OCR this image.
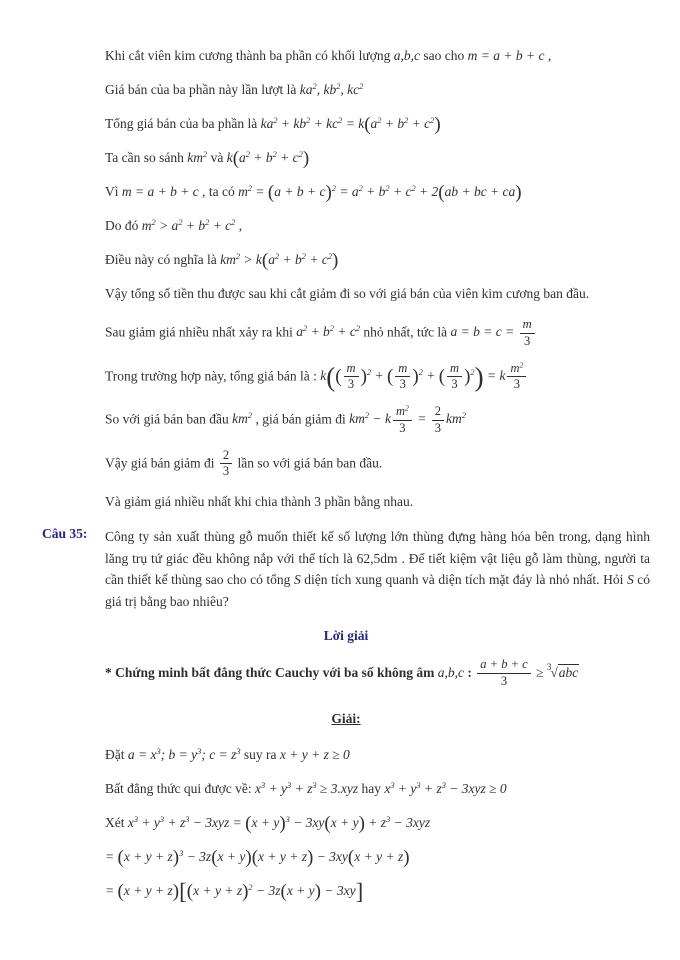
Khi cắt viên kim cương thành ba phần có khối lượng a,b,c sao cho m = a + b + c ,

Giá bán của ba phần này lần lượt là $ka^2$, $kb^2$, $kc^2$

Tổng giá bán của ba phần là $ka^2 + kb^2 + kc^2 = k(a^2 + b^2 + c^2)$

Ta cần so sánh $km^2$ và $k(a^2 + b^2 + c^2)$

Vì m = a + b + c , ta có $m^2 = (a + b + c)^2 = a^2 + b^2 + c^2 + 2(ab$ + bc + ca)

Do đó $m^2 > a^2 + b^2 + c^2$ ,

Điều này có nghĩa là $km^2 > k(a^2 + b^2 + c^2)$

Vậy tổng số tiền thu được sau khi cắt giảm đi so với giá bán của viên kim cương ban đầu.

Sau giảm giá nhiều nhất xảy ra khi $a^2 + b^2 + c^2$ nhỏ nhất, tức là $a = b = c = \frac{m}{3}$

Trong trường hợp này, tổng giá bán là : $k(( \frac{m}{3} )^2$ + ( $\frac{m}{3} )^2$ + ( $\frac{m}{3} )^2) = k \frac{m^2}{3}$

So với giá bán ban đầu $km^2$ , giá bán giảm đi $km^2 - k \frac{m^2}{3} = \frac{2}{3} km^2$

Vậy giá bán giảm đi $\frac{2}{3}$ lần so với giá bán ban đầu.

Và giảm giá nhiều nhất khi chia thành 3 phần bằng nhau.

Câu 35:	Công ty sản xuất thùng gỗ muốn thiết kế số lượng lớn thùng đựng hàng hóa bên trong, dạng hình lăng trụ tứ giác đều không nắp với thể tích là 62,5dm . Để tiết kiệm vật liệu gỗ làm thùng, người ta cần thiết kế thùng sao cho có tổng S diện tích xung quanh và diện tích mặt đáy là nhỏ nhất. Hỏi S có giá trị bằng bao nhiêu?

Lời giải

* Chứng minh bất đẳng thức Cauchy với ba số không âm a,b,c : $\frac{a + b + c}{3} \ge ^3√abc$

Giải:

Đặt $a = x^3$; $b = y^3$; $c = z^3$ suy ra x + y + z ≥ 0

Bất đẳng thức qui được về: $x^3 + y^3 + z^3 \ge 3.xyz$ hay $x^3 + y^3 + z^3 - 3xyz \ge 0$

Xét $x^3 + y^3 + z^3 - 3xyz = (x + y)^3 - 3xy(x + y) + z^3 - 3xyz$

= $(x + y + z)^3 - 3z(x + y)(x + y + z) - 3xy(x + y + z)$

= $(x + y + z)[(x + y + z)^2 - 3z(x + y) - 3xy]$
